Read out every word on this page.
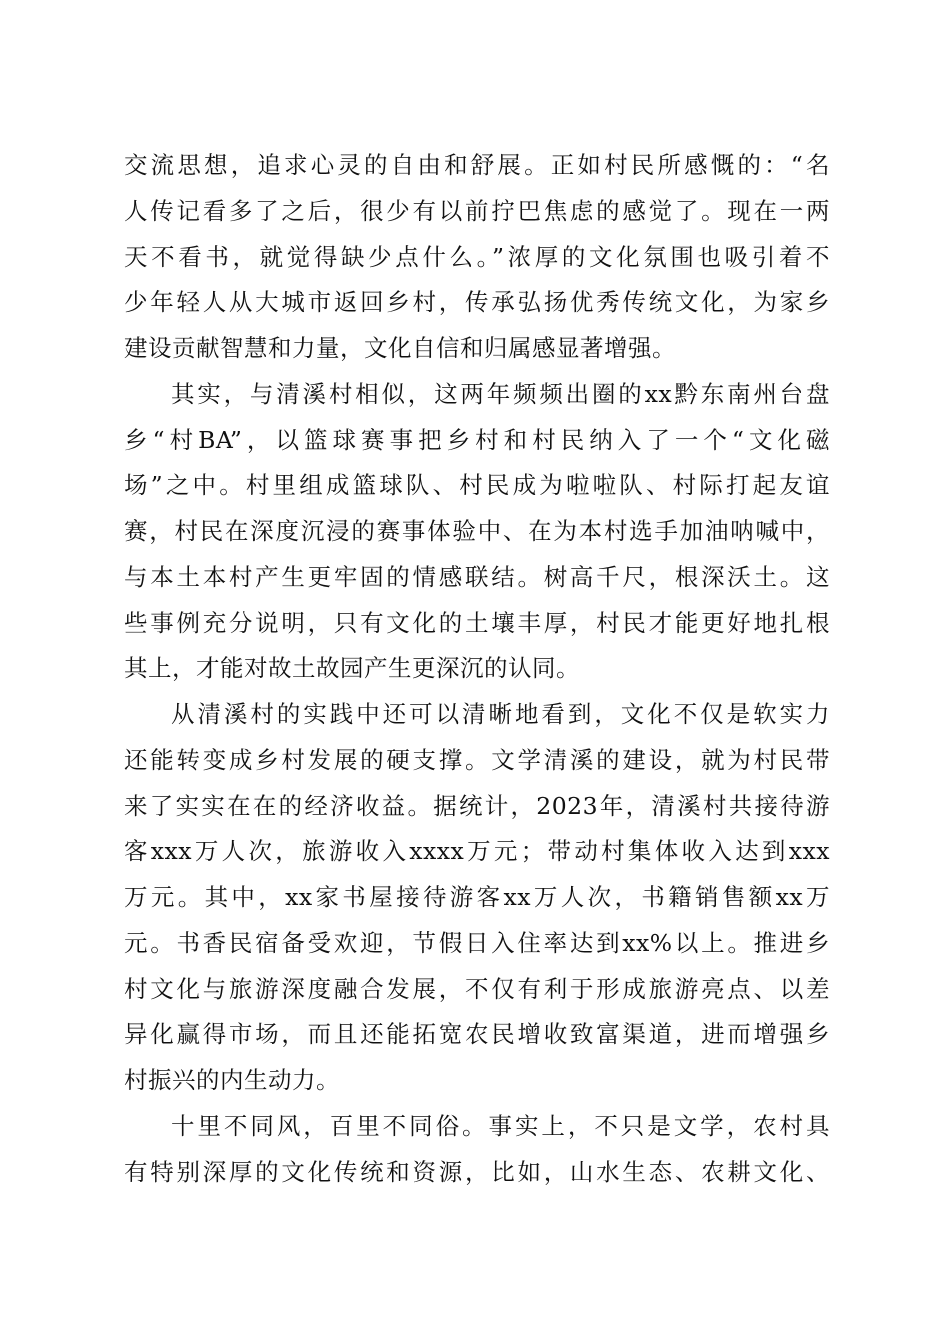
交流思想，追求心灵的自由和舒展。正如村民所感慨的：“名
人传记看多了之后，很少有以前拧巴焦虑的感觉了。现在一两
天不看书，就觉得缺少点什么。”浓厚的文化氛围也吸引着不
少年轻人从大城市返回乡村，传承弘扬优秀传统文化，为家乡
建设贡献智慧和力量，文化自信和归属感显著增强。
其实，与清溪村相似，这两年频频出圈的xx黔东南州台盘
乡“村BA”，以篮球赛事把乡村和村民纳入了一个“文化磁
场”之中。村里组成篮球队、村民成为啦啦队、村际打起友谊
赛，村民在深度沉浸的赛事体验中、在为本村选手加油呐喊中，
与本土本村产生更牢固的情感联结。树高千尺，根深沃土。这
些事例充分说明，只有文化的土壤丰厚，村民才能更好地扎根
其上，才能对故土故园产生更深沉的认同。
从清溪村的实践中还可以清晰地看到，文化不仅是软实力
还能转变成乡村发展的硬支撑。文学清溪的建设，就为村民带
来了实实在在的经济收益。据统计，2023年，清溪村共接待游
客xxx万人次，旅游收入xxxx万元；带动村集体收入达到xxx
万元。其中，xx家书屋接待游客xx万人次，书籍销售额xx万
元。书香民宿备受欢迎，节假日入住率达到xx%以上。推进乡
村文化与旅游深度融合发展，不仅有利于形成旅游亮点、以差
异化赢得市场，而且还能拓宽农民增收致富渠道，进而增强乡
村振兴的内生动力。
十里不同风，百里不同俗。事实上，不只是文学，农村具
有特别深厚的文化传统和资源，比如，山水生态、农耕文化、
